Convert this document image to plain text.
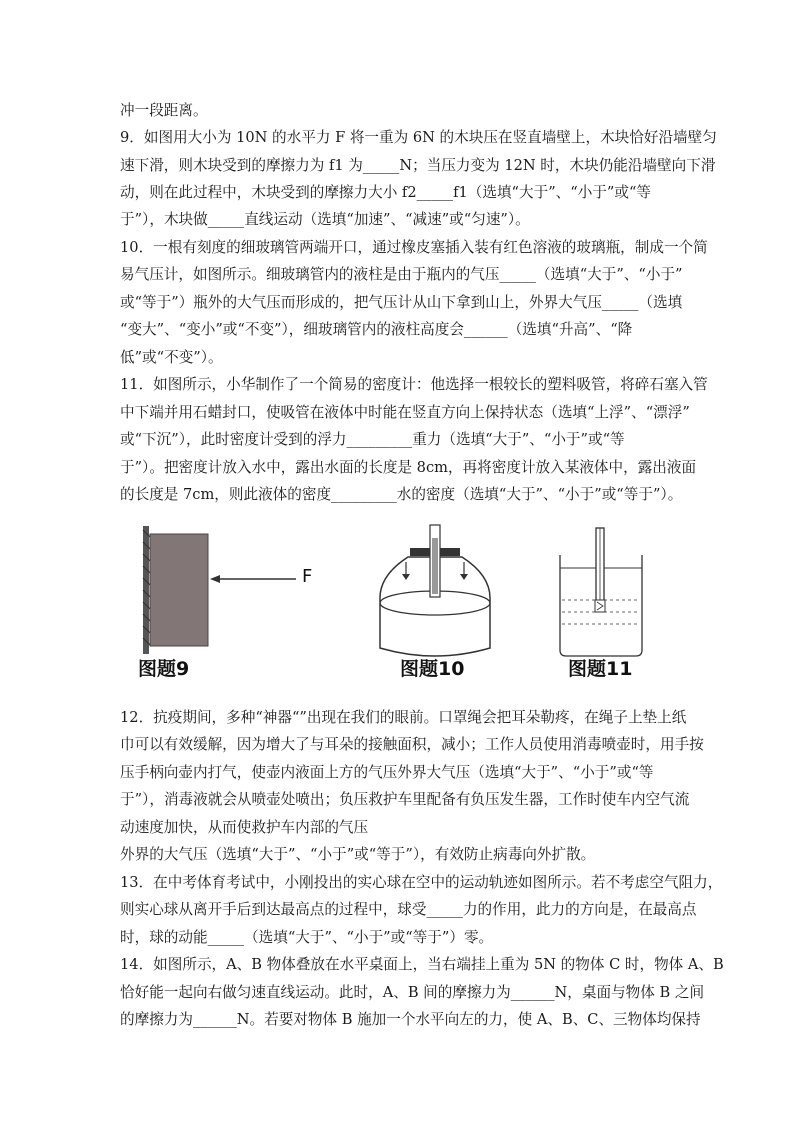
冲一段距离。
9．如图用大小为 10N 的水平力 F 将一重为 6N 的木块压在竖直墙壁上，木块恰好沿墙壁匀
速下滑，则木块受到的摩擦力为 f1 为_____N；当压力变为 12N 时，木块仍能沿墙壁向下滑
动，则在此过程中，木块受到的摩擦力大小 f2_____f1（选填“大于”、“小于”或“等
于”），木块做_____直线运动（选填“加速”、“减速”或“匀速”）。
10．一根有刻度的细玻璃管两端开口，通过橡皮塞插入装有红色溶液的玻璃瓶，制成一个简
易气压计，如图所示。细玻璃管内的液柱是由于瓶内的气压_____（选填“大于”、“小于”
或“等于”）瓶外的大气压而形成的，把气压计从山下拿到山上，外界大气压_____（选填
“变大”、“变小”或“不变”），细玻璃管内的液柱高度会______（选填“升高”、“降
低”或“不变”）。
11．如图所示，小华制作了一个简易的密度计：他选择一根较长的塑料吸管，将碎石塞入管
中下端并用石蜡封口，使吸管在液体中时能在竖直方向上保持状态（选填“上浮”、“漂浮”
或“下沉”），此时密度计受到的浮力_________重力（选填“大于”、“小于”或“等
于”）。把密度计放入水中，露出水面的长度是 8cm，再将密度计放入某液体中，露出液面
的长度是 7cm，则此液体的密度_________水的密度（选填“大于”、“小于”或“等于”）。
F
图题9	图题10	图题11
12．抗疫期间，多种“神器“”出现在我们的眼前。口罩绳会把耳朵勒疼，在绳子上垫上纸
巾可以有效缓解，因为增大了与耳朵的接触面积，减小；工作人员使用消毒喷壶时，用手按
压手柄向壶内打气，使壶内液面上方的气压外界大气压（选填“大于”、“小于”或“等
于”），消毒液就会从喷壶处喷出；负压救护车里配备有负压发生器，工作时使车内空气流
动速度加快，从而使救护车内部的气压
外界的大气压（选填“大于”、“小于”或“等于”），有效防止病毒向外扩散。
13．在中考体育考试中，小刚投出的实心球在空中的运动轨迹如图所示。若不考虑空气阻力，
则实心球从离开手后到达最高点的过程中，球受_____力的作用，此力的方向是，在最高点
时，球的动能_____（选填“大于”、“小于”或“等于”）零。
14．如图所示，A、B 物体叠放在水平桌面上，当右端挂上重为 5N 的物体 C 时，物体 A、B
恰好能一起向右做匀速直线运动。此时，A、B 间的摩擦力为______N，桌面与物体 B 之间
的摩擦力为______N。若要对物体 B 施加一个水平向左的力，使 A、B、C、三物体均保持
